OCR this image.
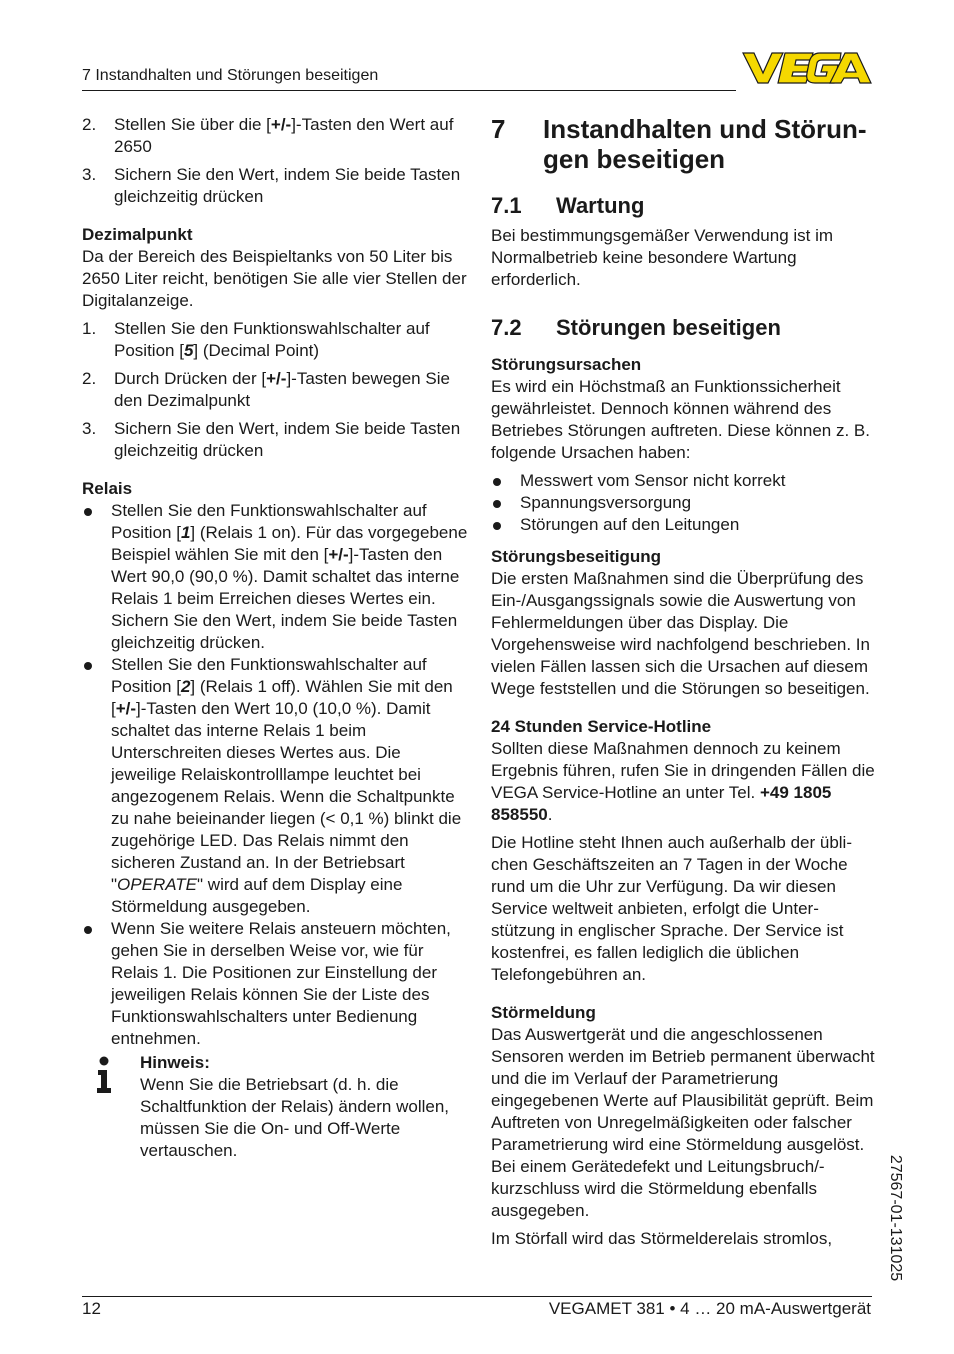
7 Instandhalten und Störungen beseitigen
2. Stellen Sie über die [+/-]-Tasten den Wert auf 2650
3. Sichern Sie den Wert, indem Sie beide Tasten gleichzeitig drücken

Dezimalpunkt

Da der Bereich des Beispieltanks von 50 Liter bis 2650 Liter reicht, benötigen Sie alle vier Stellen der Digitalanzeige.

1. Stellen Sie den Funktionswahlschalter auf Position [5] (Decimal Point)
2. Durch Drücken der [+/-]-Tasten bewegen Sie den Dezimalpunkt
3. Sichern Sie den Wert, indem Sie beide Tasten gleichzeitig drücken

Relais

Stellen Sie den Funktionswahlschalter auf Position [1] (Relais 1 on). Für das vorgegebene Beispiel wählen Sie mit den [+/-]-Tasten den Wert 90,0 (90,0 %). Damit schaltet das interne Relais 1 beim Erreichen dieses Wertes ein. Sichern Sie den Wert, indem Sie beide Tasten gleichzeitig drücken.
Stellen Sie den Funktionswahlschalter auf Position [2] (Relais 1 off). Wählen Sie mit den [+/-]-Tasten den Wert 10,0 (10,0 %). Damit schaltet das interne Relais 1 beim Unterschreiten dieses Wertes aus. Die jeweilige Relaiskontrolllampe leuchtet bei angezogenem Relais. Wenn die Schaltpunkte zu nahe beieinander liegen (< 0,1 %) blinkt die zugehörige LED. Das Relais nimmt den sicheren Zustand an. In der Betriebsart "OPERATE" wird auf dem Display eine Störmeldung ausgegeben.
Wenn Sie weitere Relais ansteuern möchten, gehen Sie in derselben Weise vor, wie für Relais 1. Die Positionen zur Einstellung der jeweiligen Relais können Sie der Liste des Funktionswahlschalters unter Bedienung entnehmen.

Hinweis:

Wenn Sie die Betriebsart (d. h. die Schaltfunktion der Relais) ändern wollen, müssen Sie die On- und Off-Werte vertauschen.

7 Instandhalten und Störungen beseitigen
7.1 Wartung

Bei bestimmungsgemäßer Verwendung ist im Normalbetrieb keine besondere Wartung erforderlich.

7.2 Störungen beseitigen

Störungsursachen

Es wird ein Höchstmaß an Funktionssicherheit gewährleistet. Dennoch können während des Betriebes Störungen auftreten. Diese können z. B. folgende Ursachen haben:

Messwert vom Sensor nicht korrekt
Spannungsversorgung
Störungen auf den Leitungen

Störungsbeseitigung

Die ersten Maßnahmen sind die Überprüfung des Ein-/Ausgangssignals sowie die Auswertung von Fehlermeldungen über das Display. Die Vorgehensweise wird nachfolgend beschrieben. In vielen Fällen lassen sich die Ursachen auf diesem Wege feststellen und die Störungen so beseitigen.

24 Stunden Service-Hotline

Sollten diese Maßnahmen dennoch zu keinem Ergebnis führen, rufen Sie in dringenden Fällen die VEGA Service-Hotline an unter Tel. +49 1805 858550.

Die Hotline steht Ihnen auch außerhalb der üblichen Geschäftszeiten an 7 Tagen in der Woche rund um die Uhr zur Verfügung. Da wir diesen Service weltweit anbieten, erfolgt die Unterstützung in englischer Sprache. Der Service ist kostenfrei, es fallen lediglich die üblichen Telefongebühren an.

Störmeldung

Das Auswertgerät und die angeschlossenen Sensoren werden im Betrieb permanent überwacht und die im Verlauf der Parametrierung eingegebenen Werte auf Plausibilität geprüft. Beim Auftreten von Unregelmäßigkeiten oder falscher Parametrierung wird eine Störmeldung ausgelöst. Bei einem Gerätedefekt und Leitungsbruch/-kurzschluss wird die Störmeldung ebenfalls ausgegeben.

Im Störfall wird das Störmelderelais stromlos,	27567-01-131025
12	VEGAMET 381 • 4 … 20 mA-Auswertgerät
